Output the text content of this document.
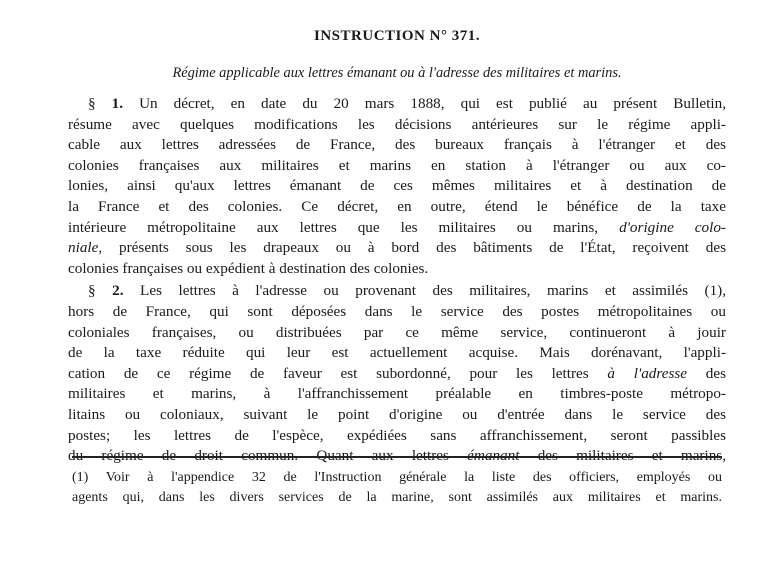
INSTRUCTION N° 371.
Régime applicable aux lettres émanant ou à l'adresse des militaires et marins.
§ 1. Un décret, en date du 20 mars 1888, qui est publié au présent Bulletin,
résume avec quelques modifications les décisions antérieures sur le régime appli-
cable aux lettres adressées de France, des bureaux français à l'étranger et des
colonies françaises aux militaires et marins en station à l'étranger ou aux co-
lonies, ainsi qu'aux lettres émanant de ces mêmes militaires et à destination de
la France et des colonies. Ce décret, en outre, étend le bénéfice de la taxe
intérieure métropolitaine aux lettres que les militaires ou marins, d'origine colo-
niale, présents sous les drapeaux ou à bord des bâtiments de l'État, reçoivent des
colonies françaises ou expédient à destination des colonies.
§ 2. Les lettres à l'adresse ou provenant des militaires, marins et assimilés (1),
hors de France, qui sont déposées dans le service des postes métropolitaines ou
coloniales françaises, ou distribuées par ce même service, continueront à jouir
de la taxe réduite qui leur est actuellement acquise. Mais dorénavant, l'appli-
cation de ce régime de faveur est subordonné, pour les lettres à l'adresse des
militaires et marins, à l'affranchissement préalable en timbres-poste métropo-
litains ou coloniaux, suivant le point d'origine ou d'entrée dans le service des
postes; les lettres de l'espèce, expédiées sans affranchissement, seront passibles
du régime de droit commun. Quant aux lettres émanant des militaires et marins,
(1) Voir à l'appendice 32 de l'Instruction générale la liste des officiers, employés ou
agents qui, dans les divers services de la marine, sont assimilés aux militaires et marins.
